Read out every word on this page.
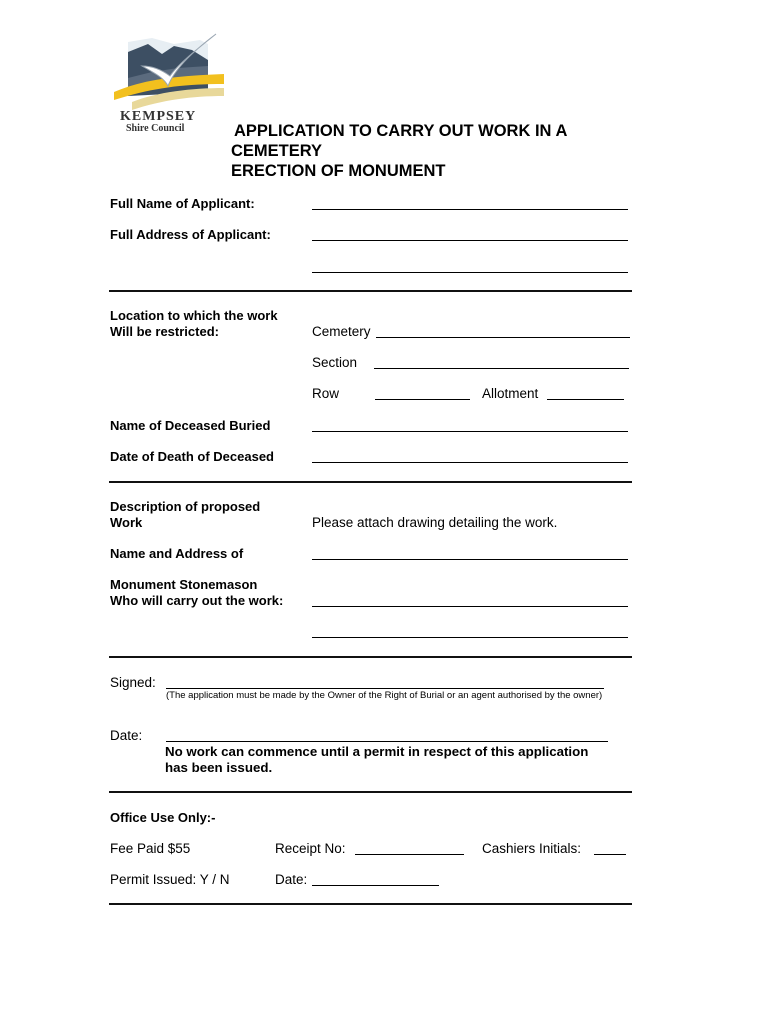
KEMPSEY
Shire Council	APPLICATION TO CARRY OUT WORK IN A
CEMETERY
ERECTION OF MONUMENT
Full Name of Applicant:
Full Address of Applicant:
Location to which the work
Will be restricted:	Cemetery
Section
Row	Allotment
Name of Deceased Buried
Date of Death of Deceased
Description of proposed
Work	Please attach drawing detailing the work.
Name and Address of
Monument Stonemason
Who will carry out the work:
Signed:
(The application must be made by the Owner of the Right of Burial or an agent authorised by the owner)
Date:
No work can commence until a permit in respect of this application
has been issued.
Office Use Only:-
Fee Paid $55	Receipt No:	Cashiers Initials:
Permit Issued: Y / N	Date:
